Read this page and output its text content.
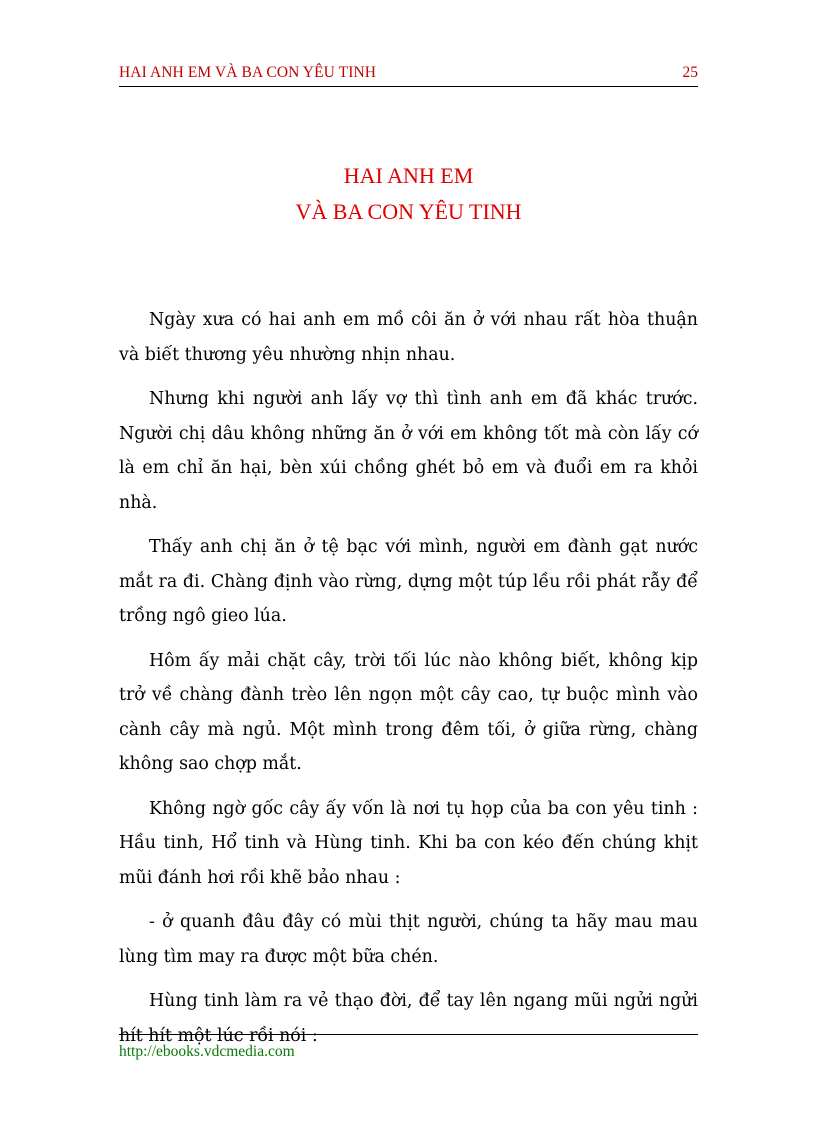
HAI ANH EM VÀ BA CON YÊU TINH	25
HAI ANH EM
VÀ BA CON YÊU TINH

Ngày xưa có hai anh em mồ côi ăn ở với nhau rất hòa thuận và biết thương yêu nhường nhịn nhau.

Nhưng khi người anh lấy vợ thì tình anh em đã khác trước. Người chị dâu không những ăn ở với em không tốt mà còn lấy cớ là em chỉ ăn hại, bèn xúi chồng ghét bỏ em và đuổi em ra khỏi nhà.

Thấy anh chị ăn ở tệ bạc với mình, người em đành gạt nước mắt ra đi. Chàng định vào rừng, dựng một túp lều rồi phát rẫy để trồng ngô gieo lúa.

Hôm ấy mải chặt cây, trời tối lúc nào không biết, không kịp trở về chàng đành trèo lên ngọn một cây cao, tự buộc mình vào cành cây mà ngủ. Một mình trong đêm tối, ở giữa rừng, chàng không sao chợp mắt.

Không ngờ gốc cây ấy vốn là nơi tụ họp của ba con yêu tinh : Hầu tinh, Hổ tinh và Hùng tinh. Khi ba con kéo đến chúng khịt mũi đánh hơi rồi khẽ bảo nhau :

- ở quanh đâu đây có mùi thịt người, chúng ta hãy mau mau lùng tìm may ra được một bữa chén.

Hùng tinh làm ra vẻ thạo đời, để tay lên ngang mũi ngửi ngửi hít hít một lúc rồi nói :

http://ebooks.vdcmedia.com
